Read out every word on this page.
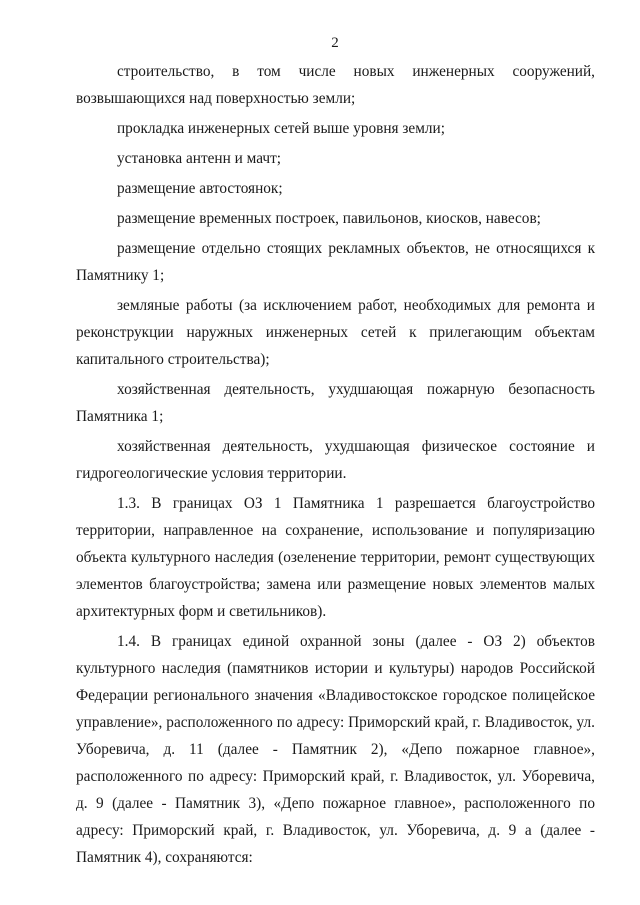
2

строительство, в том числе новых инженерных сооружений, возвышающихся над поверхностью земли;

прокладка инженерных сетей выше уровня земли;

установка антенн и мачт;

размещение автостоянок;

размещение временных построек, павильонов, киосков, навесов;

размещение отдельно стоящих рекламных объектов, не относящихся к Памятнику 1;

земляные работы (за исключением работ, необходимых для ремонта и реконструкции наружных инженерных сетей к прилегающим объектам капитального строительства);

хозяйственная деятельность, ухудшающая пожарную безопасность Памятника 1;

хозяйственная деятельность, ухудшающая физическое состояние и гидрогеологические условия территории.

1.3. В границах ОЗ 1 Памятника 1 разрешается благоустройство территории, направленное на сохранение, использование и популяризацию объекта культурного наследия (озеленение территории, ремонт существующих элементов благоустройства; замена или размещение новых элементов малых архитектурных форм и светильников).

1.4. В границах единой охранной зоны (далее - ОЗ 2) объектов культурного наследия (памятников истории и культуры) народов Российской Федерации регионального значения «Владивостокское городское полицейское управление», расположенного по адресу: Приморский край, г. Владивосток, ул. Уборевича, д. 11 (далее - Памятник 2), «Депо пожарное главное», расположенного по адресу: Приморский край, г. Владивосток, ул. Уборевича, д. 9 (далее - Памятник 3), «Депо пожарное главное», расположенного по адресу: Приморский край, г. Владивосток, ул. Уборевича, д. 9 а (далее - Памятник 4), сохраняются:
